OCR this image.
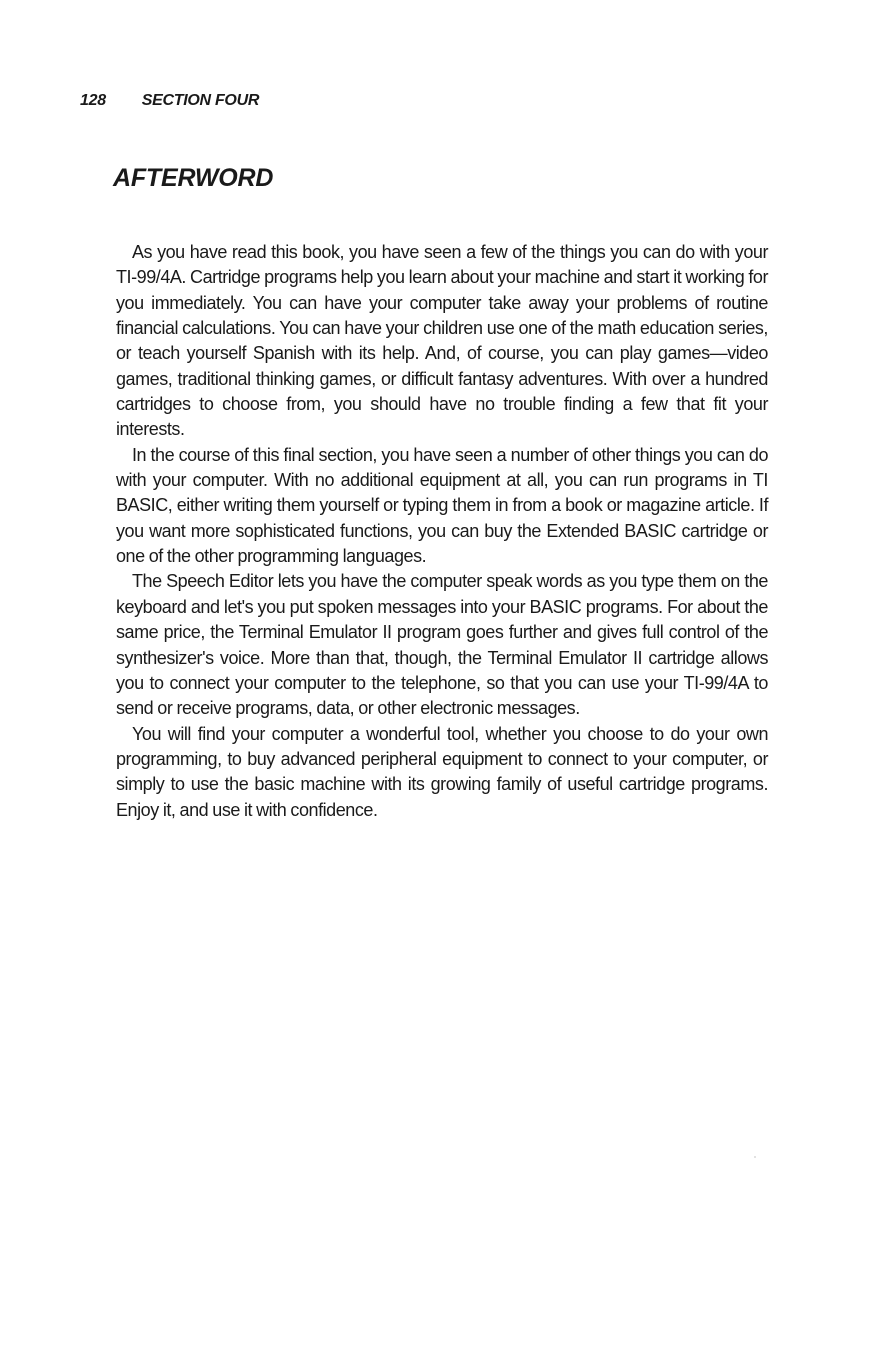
128 SECTION FOUR
AFTERWORD

As you have read this book, you have seen a few of the things you can do with your TI-99/4A. Cartridge programs help you learn about your machine and start it working for you immediately. You can have your computer take away your problems of routine financial calculations. You can have your children use one of the math education series, or teach yourself Spanish with its help. And, of course, you can play games—video games, traditional thinking games, or difficult fantasy adventures. With over a hundred cartridges to choose from, you should have no trouble finding a few that fit your interests.

In the course of this final section, you have seen a number of other things you can do with your computer. With no additional equipment at all, you can run programs in TI BASIC, either writing them yourself or typing them in from a book or magazine article. If you want more sophisticated functions, you can buy the Extended BASIC cartridge or one of the other programming languages.

The Speech Editor lets you have the computer speak words as you type them on the keyboard and let's you put spoken messages into your BASIC programs. For about the same price, the Terminal Emulator II program goes further and gives full control of the synthesizer's voice. More than that, though, the Terminal Emulator II cartridge allows you to connect your computer to the telephone, so that you can use your TI-99/4A to send or receive programs, data, or other electronic messages.

You will find your computer a wonderful tool, whether you choose to do your own programming, to buy advanced peripheral equipment to connect to your computer, or simply to use the basic machine with its growing family of useful cartridge programs. Enjoy it, and use it with confidence.
